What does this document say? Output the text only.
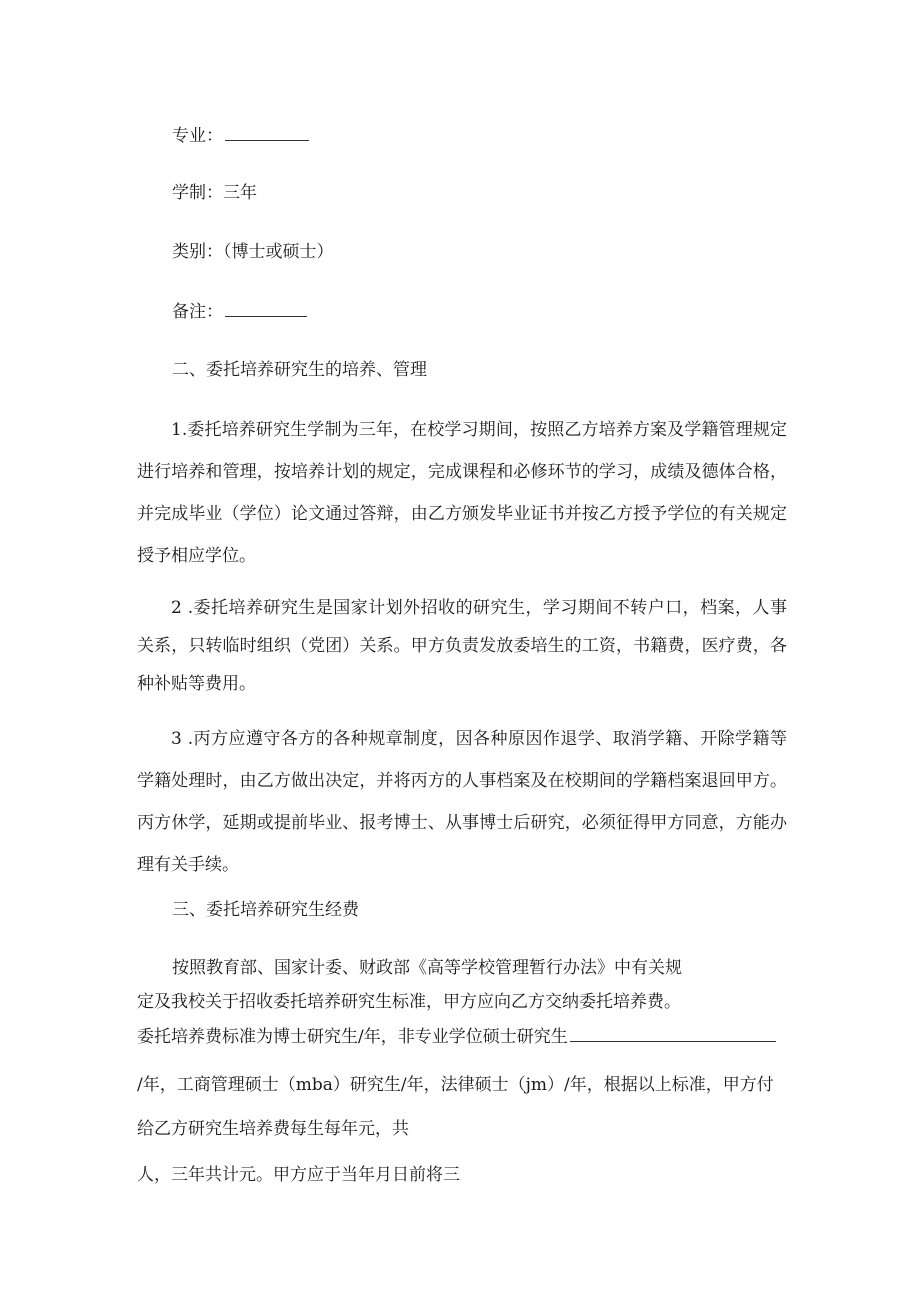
专业：
学制：三年
类别：（博士或硕士）
备注：
二、委托培养研究生的培养、管理
1.委托培养研究生学制为三年，在校学习期间，按照乙方培养方案及学籍管理规定进行培养和管理，按培养计划的规定，完成课程和必修环节的学习，成绩及德体合格，并完成毕业（学位）论文通过答辩，由乙方颁发毕业证书并按乙方授予学位的有关规定授予相应学位。
2 .委托培养研究生是国家计划外招收的研究生，学习期间不转户口，档案，人事关系，只转临时组织（党团）关系。甲方负责发放委培生的工资，书籍费，医疗费，各种补贴等费用。
3 .丙方应遵守各方的各种规章制度，因各种原因作退学、取消学籍、开除学籍等学籍处理时，由乙方做出决定，并将丙方的人事档案及在校期间的学籍档案退回甲方。丙方休学，延期或提前毕业、报考博士、从事博士后研究，必须征得甲方同意，方能办理有关手续。
三、委托培养研究生经费
按照教育部、国家计委、财政部《高等学校管理暂行办法》中有关规
定及我校关于招收委托培养研究生标准，甲方应向乙方交纳委托培养费。
委托培养费标准为博士研究生/年，非专业学位硕士研究生
/年，工商管理硕士（mba）研究生/年，法律硕士（jm）/年，根据以上标准，甲方付
给乙方研究生培养费每生每年元，共
人，三年共计元。甲方应于当年月日前将三
